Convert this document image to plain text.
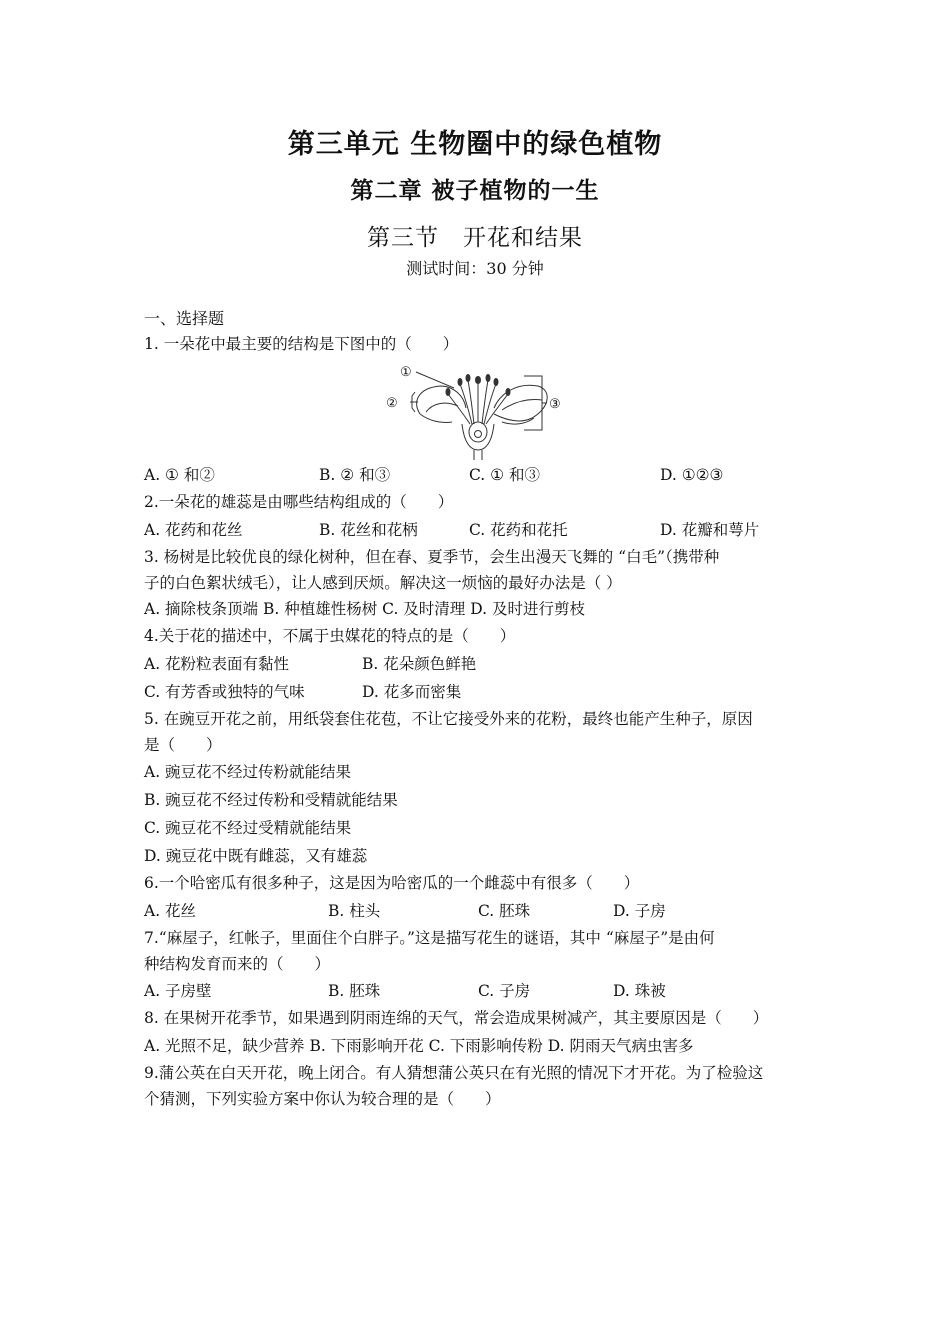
第三单元 生物圈中的绿色植物
第二章 被子植物的一生
第三节　开花和结果
测试时间：30 分钟
一、选择题
1. 一朵花中最主要的结构是下图中的（　　）
①
②	③
A. ① 和②	B. ② 和③	C. ① 和③	D. ①②③
2.一朵花的雄蕊是由哪些结构组成的（　　）
A. 花药和花丝	B. 花丝和花柄	C. 花药和花托	D. 花瓣和萼片
3. 杨树是比较优良的绿化树种，但在春、夏季节，会生出漫天飞舞的 “白毛”（携带种
子的白色絮状绒毛），让人感到厌烦。解决这一烦恼的最好办法是（ ）
A. 摘除枝条顶端 B. 种植雄性杨树 C. 及时清理 D. 及时进行剪枝
4.关于花的描述中，不属于虫媒花的特点的是（　　）
A. 花粉粒表面有黏性	B. 花朵颜色鲜艳
C. 有芳香或独特的气味	D. 花多而密集
5. 在豌豆开花之前，用纸袋套住花苞，不让它接受外来的花粉，最终也能产生种子，原因
是（　　）
A. 豌豆花不经过传粉就能结果
B. 豌豆花不经过传粉和受精就能结果
C. 豌豆花不经过受精就能结果
D. 豌豆花中既有雌蕊，又有雄蕊
6.一个哈密瓜有很多种子，这是因为哈密瓜的一个雌蕊中有很多（　　）
A. 花丝	B. 柱头	C. 胚珠	D. 子房
7.“麻屋子，红帐子，里面住个白胖子。”这是描写花生的谜语，其中 “麻屋子”是由何
种结构发育而来的（　　）
A. 子房壁	B. 胚珠	C. 子房	D. 珠被
8. 在果树开花季节，如果遇到阴雨连绵的天气，常会造成果树减产，其主要原因是（　　）
A. 光照不足，缺少营养 B. 下雨影响开花 C. 下雨影响传粉 D. 阴雨天气病虫害多
9.蒲公英在白天开花，晚上闭合。有人猜想蒲公英只在有光照的情况下才开花。为了检验这
个猜测，下列实验方案中你认为较合理的是（　　）
